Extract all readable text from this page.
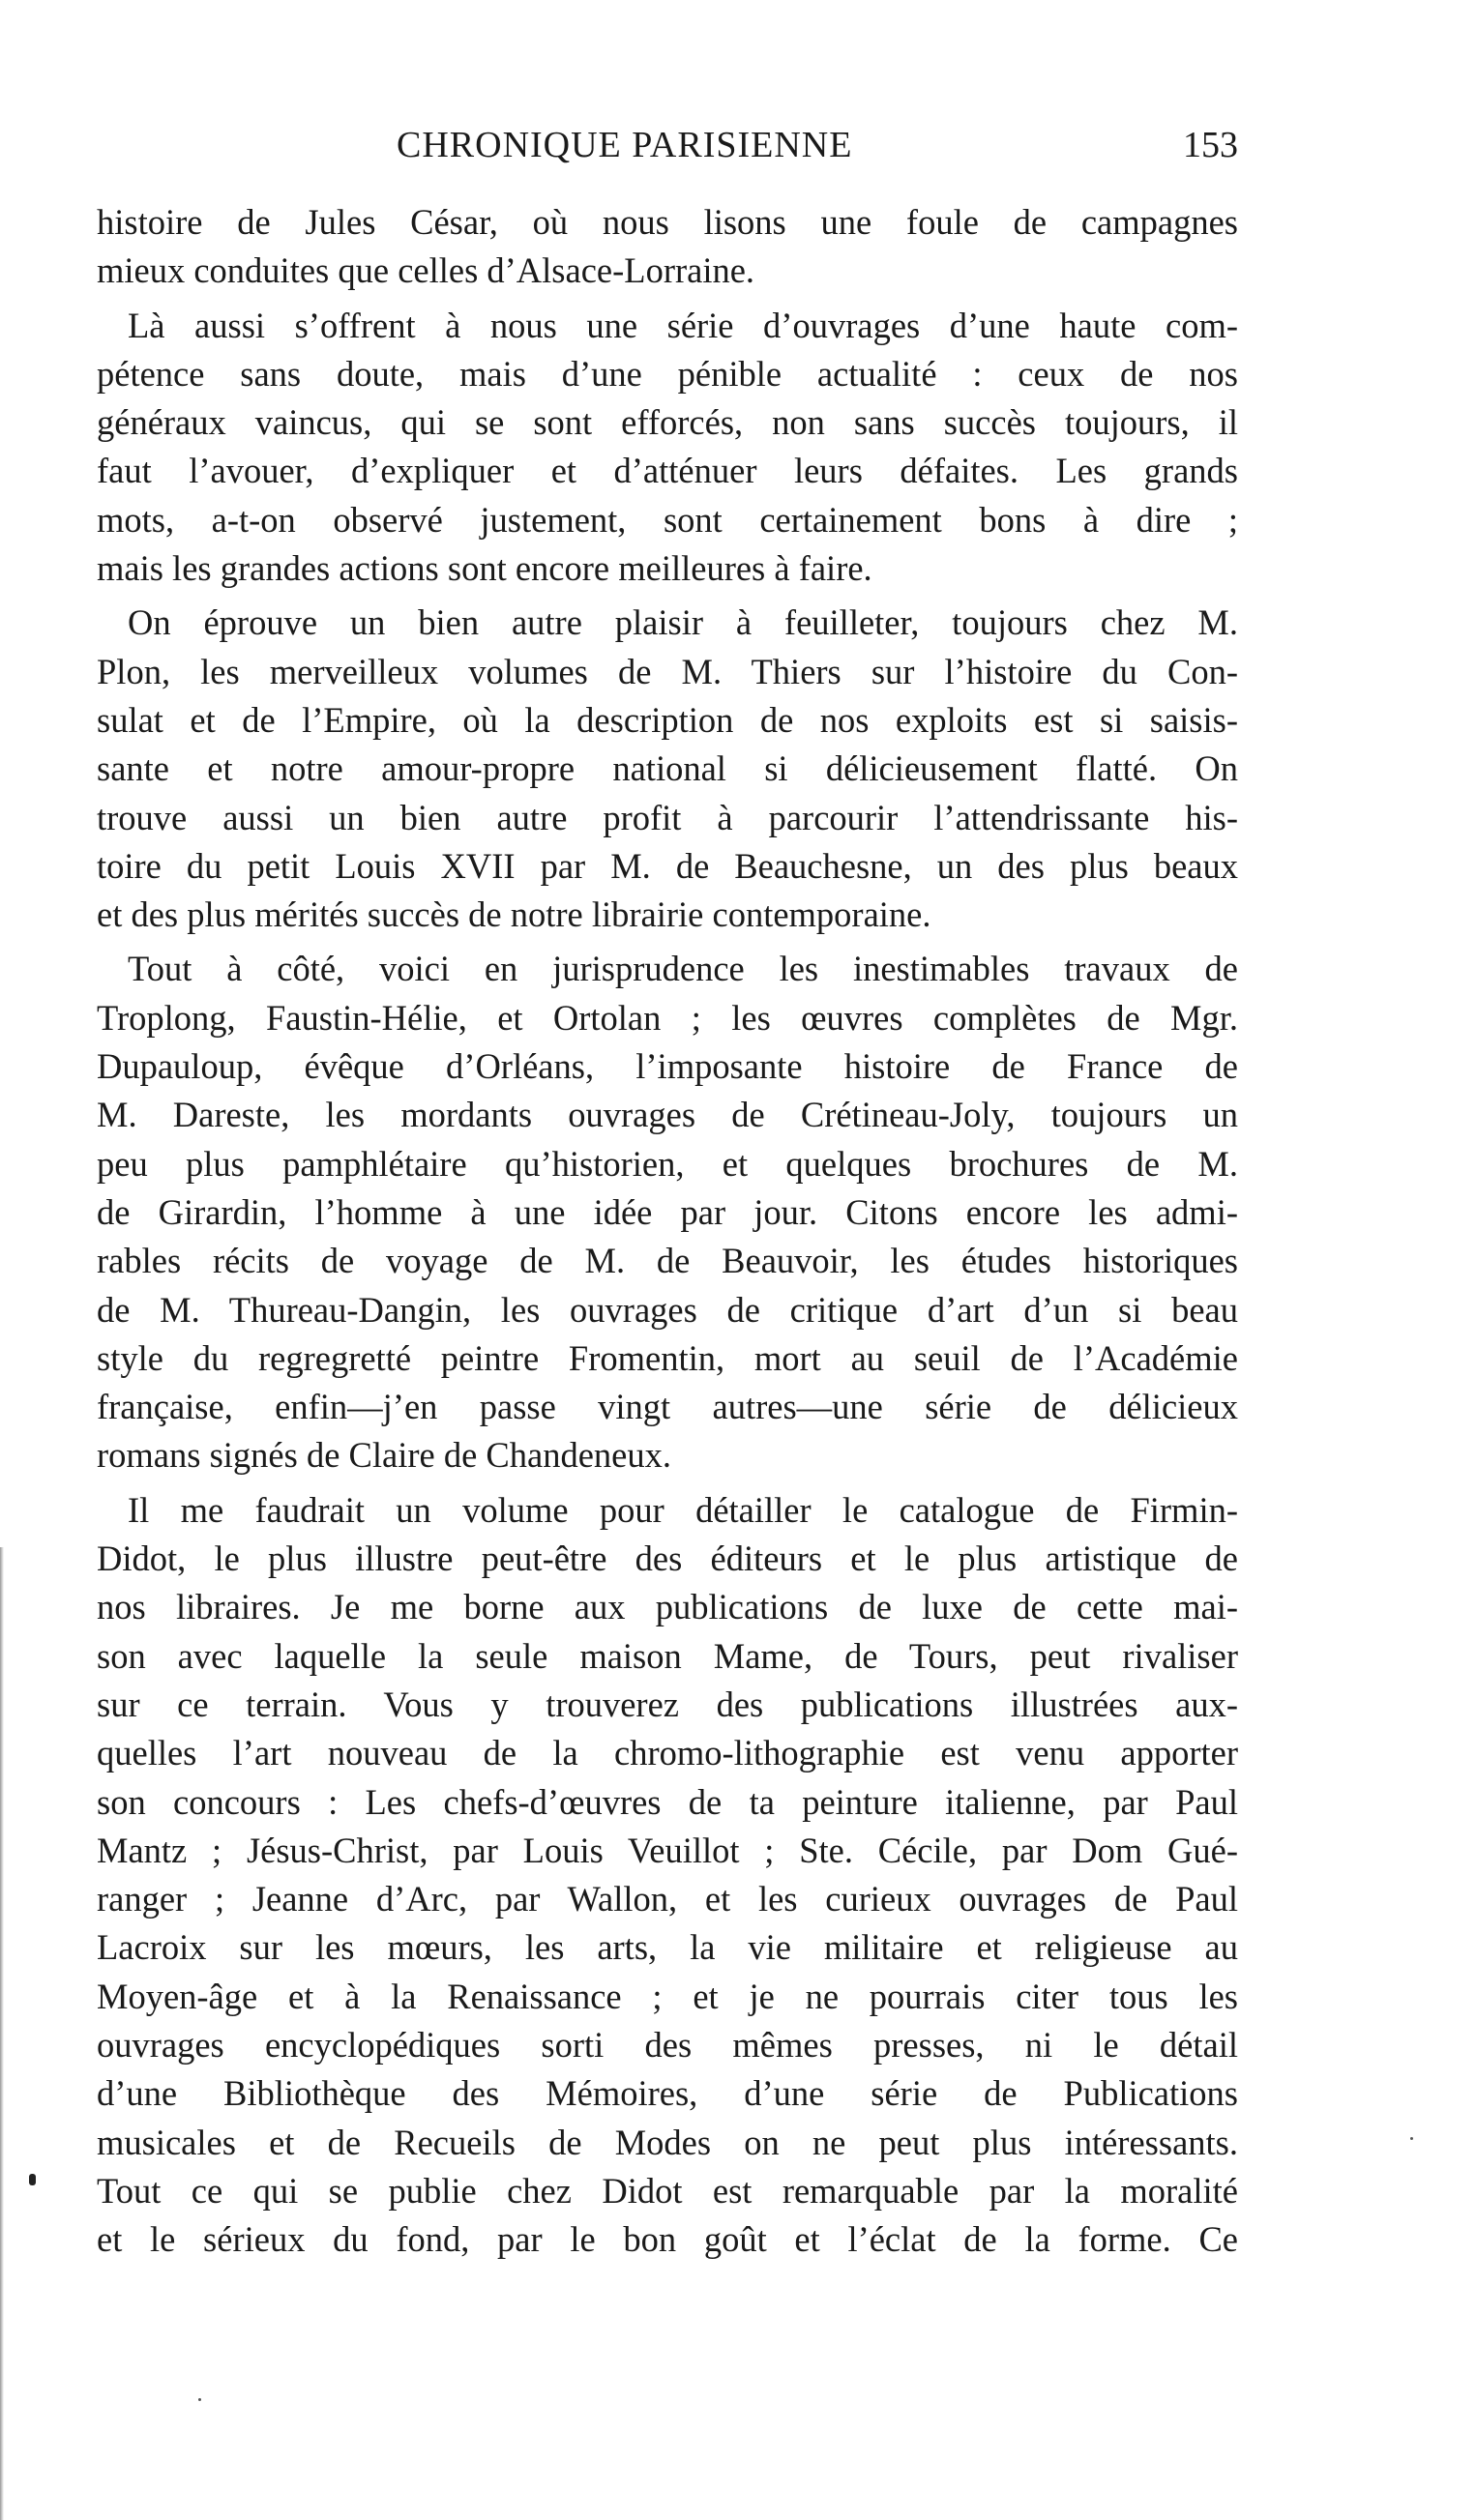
CHRONIQUE PARISIENNE	153
histoire de Jules César, où nous lisons une foule de campagnes
mieux conduites que celles d’Alsace-Lorraine.
Là aussi s’offrent à nous une série d’ouvrages d’une haute com-
pétence sans doute, mais d’une pénible actualité : ceux de nos
généraux vaincus, qui se sont efforcés, non sans succès toujours, il
faut l’avouer, d’expliquer et d’atténuer leurs défaites. Les grands
mots, a-t-on observé justement, sont certainement bons à dire ;
mais les grandes actions sont encore meilleures à faire.
On éprouve un bien autre plaisir à feuilleter, toujours chez M.
Plon, les merveilleux volumes de M. Thiers sur l’histoire du Con-
sulat et de l’Empire, où la description de nos exploits est si saisis-
sante et notre amour-propre national si délicieusement flatté. On
trouve aussi un bien autre profit à parcourir l’attendrissante his-
toire du petit Louis XVII par M. de Beauchesne, un des plus beaux
et des plus mérités succès de notre librairie contemporaine.
Tout à côté, voici en jurisprudence les inestimables travaux de
Troplong, Faustin-Hélie, et Ortolan ; les œuvres complètes de Mgr.
Dupauloup, évêque d’Orléans, l’imposante histoire de France de
M. Dareste, les mordants ouvrages de Crétineau-Joly, toujours un
peu plus pamphlétaire qu’historien, et quelques brochures de M.
de Girardin, l’homme à une idée par jour. Citons encore les admi-
rables récits de voyage de M. de Beauvoir, les études historiques
de M. Thureau-Dangin, les ouvrages de critique d’art d’un si beau
style du regregretté peintre Fromentin, mort au seuil de l’Académie
française, enfin—j’en passe vingt autres—une série de délicieux
romans signés de Claire de Chandeneux.
Il me faudrait un volume pour détailler le catalogue de Firmin-
Didot, le plus illustre peut-être des éditeurs et le plus artistique de
nos libraires. Je me borne aux publications de luxe de cette mai-
son avec laquelle la seule maison Mame, de Tours, peut rivaliser
sur ce terrain. Vous y trouverez des publications illustrées aux-
quelles l’art nouveau de la chromo-lithographie est venu apporter
son concours : Les chefs-d’œuvres de ta peinture italienne, par Paul
Mantz ; Jésus-Christ, par Louis Veuillot ; Ste. Cécile, par Dom Gué-
ranger ; Jeanne d’Arc, par Wallon, et les curieux ouvrages de Paul
Lacroix sur les mœurs, les arts, la vie militaire et religieuse au
Moyen-âge et à la Renaissance ; et je ne pourrais citer tous les
ouvrages encyclopédiques sorti des mêmes presses, ni le détail
d’une Bibliothèque des Mémoires, d’une série de Publications
musicales et de Recueils de Modes on ne peut plus intéressants.
Tout ce qui se publie chez Didot est remarquable par la moralité
et le sérieux du fond, par le bon goût et l’éclat de la forme. Ce
